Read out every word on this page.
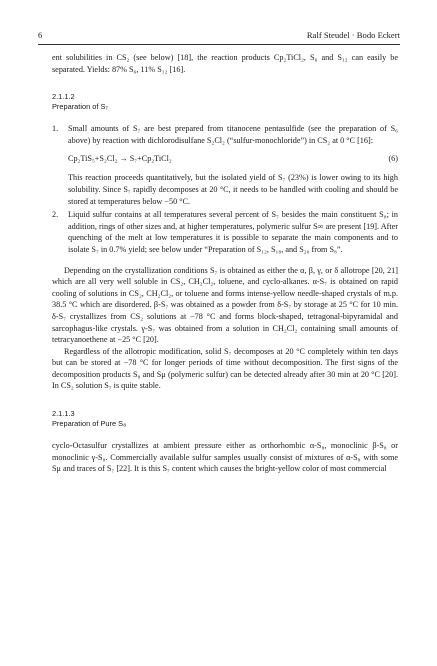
6	Ralf Steudel · Bodo Eckert

ent solubilities in CS₂ (see below) [18], the reaction products Cp₂TiCl₂, S₆ and S₁₂ can easily be separated. Yields: 87% S₆, 11% S₁₂ [16].

2.1.1.2
Preparation of S₇
1. Small amounts of S₇ are best prepared from titanocene pentasulfide (see the preparation of S₆ above) by reaction with dichlorodisulfane S₂Cl₂ (“sulfur-monochloride”) in CS₂ at 0 °C [16]:

Cp₂TiS₅+S₂Cl₂ → S₇+Cp₂TiCl₂	(6)

This reaction proceeds quantitatively, but the isolated yield of S₇ (23%) is lower owing to its high solubility. Since S₇ rapidly decomposes at 20 °C, it needs to be handled with cooling and should be stored at temperatures below −50 °C.

2. Liquid sulfur contains at all temperatures several percent of S₇ besides the main constituent S₈; in addition, rings of other sizes and, at higher temperatures, polymeric sulfur S∞ are present [19]. After quenching of the melt at low temperatures it is possible to separate the main components and to isolate S₇ in 0.7% yield; see below under “Preparation of S₁₂, S₁₈, and S₂₀ from S₈”.

Depending on the crystallization conditions S₇ is obtained as either the α, β, γ, or δ allotrope [20, 21] which are all very well soluble in CS₂, CH₂Cl₂, toluene, and cyclo-alkanes. α-S₇ is obtained on rapid cooling of solutions in CS₂, CH₂Cl₂, or toluene and forms intense-yellow needle-shaped crystals of m.p. 38.5 °C which are disordered. β-S₇ was obtained as a powder from δ-S₇ by storage at 25 °C for 10 min. δ-S₇ crystallizes from CS₂ solutions at −78 °C and forms block-shaped, tetragonal-bipyramidal and sarcophagus-like crystals. γ-S₇ was obtained from a solution in CH₂Cl₂ containing small amounts of tetracyanoethene at −25 °C [20].

Regardless of the allotropic modification, solid S₇ decomposes at 20 °C completely within ten days but can be stored at −78 °C for longer periods of time without decomposition. The first signs of the decomposition products S₈ and Sμ (polymeric sulfur) can be detected already after 30 min at 20 °C [20]. In CS₂ solution S₇ is quite stable.

2.1.1.3
Preparation of Pure S₈

cyclo-Octasulfur crystallizes at ambient pressure either as orthorhombic α-S₈, monoclinic β-S₈ or monoclinic γ-S₈. Commercially available sulfur samples usually consist of mixtures of α-S₈ with some Sμ and traces of S₇ [22]. It is this S₇ content which causes the bright-yellow color of most commercial
